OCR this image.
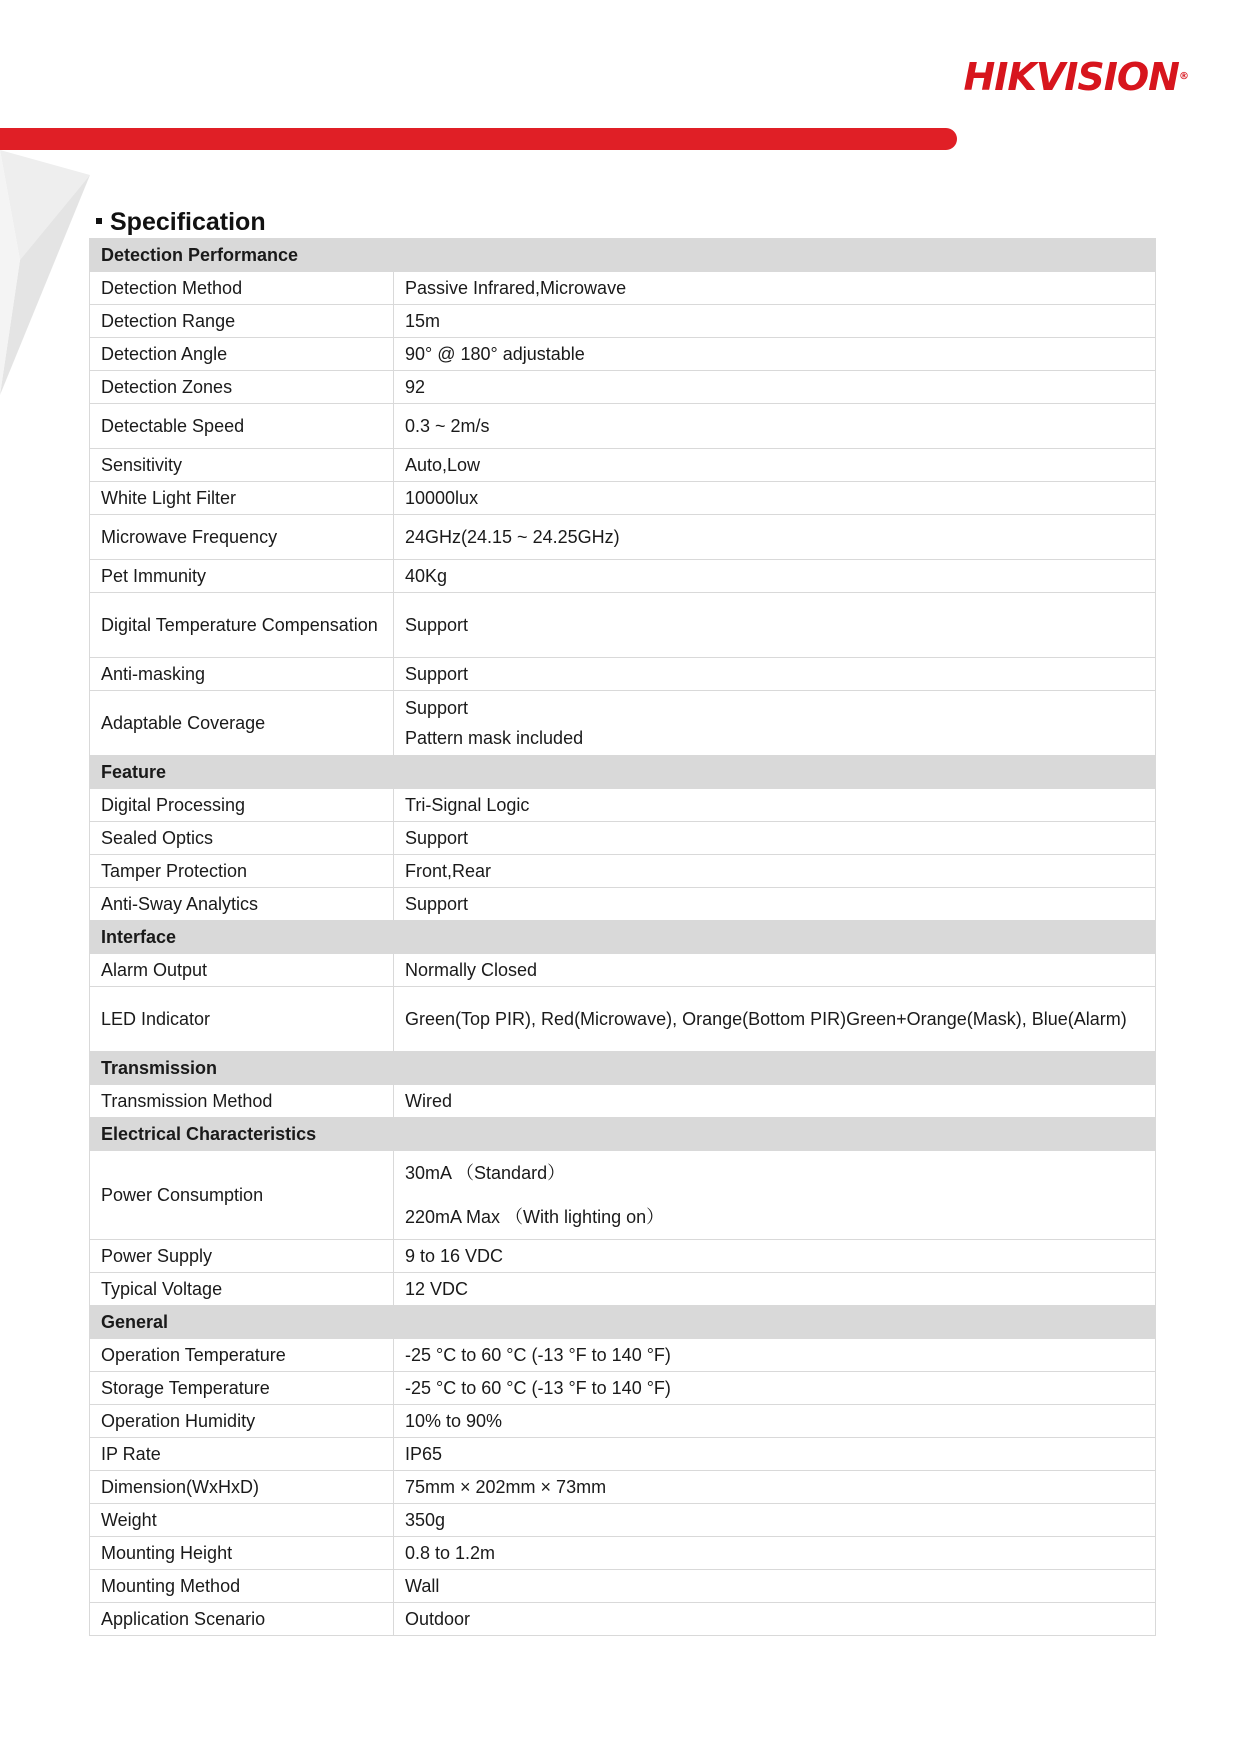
HIKVISION®
Specification
Detection Performance	
Detection Method	Passive Infrared,Microwave
Detection Range	15m
Detection Angle	90° @ 180° adjustable
Detection Zones	92
Detectable Speed	0.3 ~ 2m/s
Sensitivity	Auto,Low
White Light Filter	10000lux
Microwave Frequency	24GHz(24.15 ~ 24.25GHz)
Pet Immunity	40Kg
Digital Temperature Compensation	Support
Anti-masking	Support
Adaptable Coverage	Support
Pattern mask included

Feature	
Digital Processing	Tri-Signal Logic
Sealed Optics	Support
Tamper Protection	Front,Rear
Anti-Sway Analytics	Support
Interface	
Alarm Output	Normally Closed
LED Indicator	Green(Top PIR), Red(Microwave), Orange(Bottom PIR)Green+Orange(Mask), Blue(Alarm)
Transmission	
Transmission Method	Wired
Electrical Characteristics	
Power Consumption	30mA （Standard）
220mA Max （With lighting on）

Power Supply	9 to 16 VDC
Typical Voltage	12 VDC
General	
Operation Temperature	-25 °C to 60 °C (-13 °F to 140 °F)
Storage Temperature	-25 °C to 60 °C (-13 °F to 140 °F)
Operation Humidity	10% to 90%
IP Rate	IP65
Dimension(WxHxD)	75mm × 202mm × 73mm
Weight	350g
Mounting Height	0.8 to 1.2m
Mounting Method	Wall
Application Scenario	Outdoor
